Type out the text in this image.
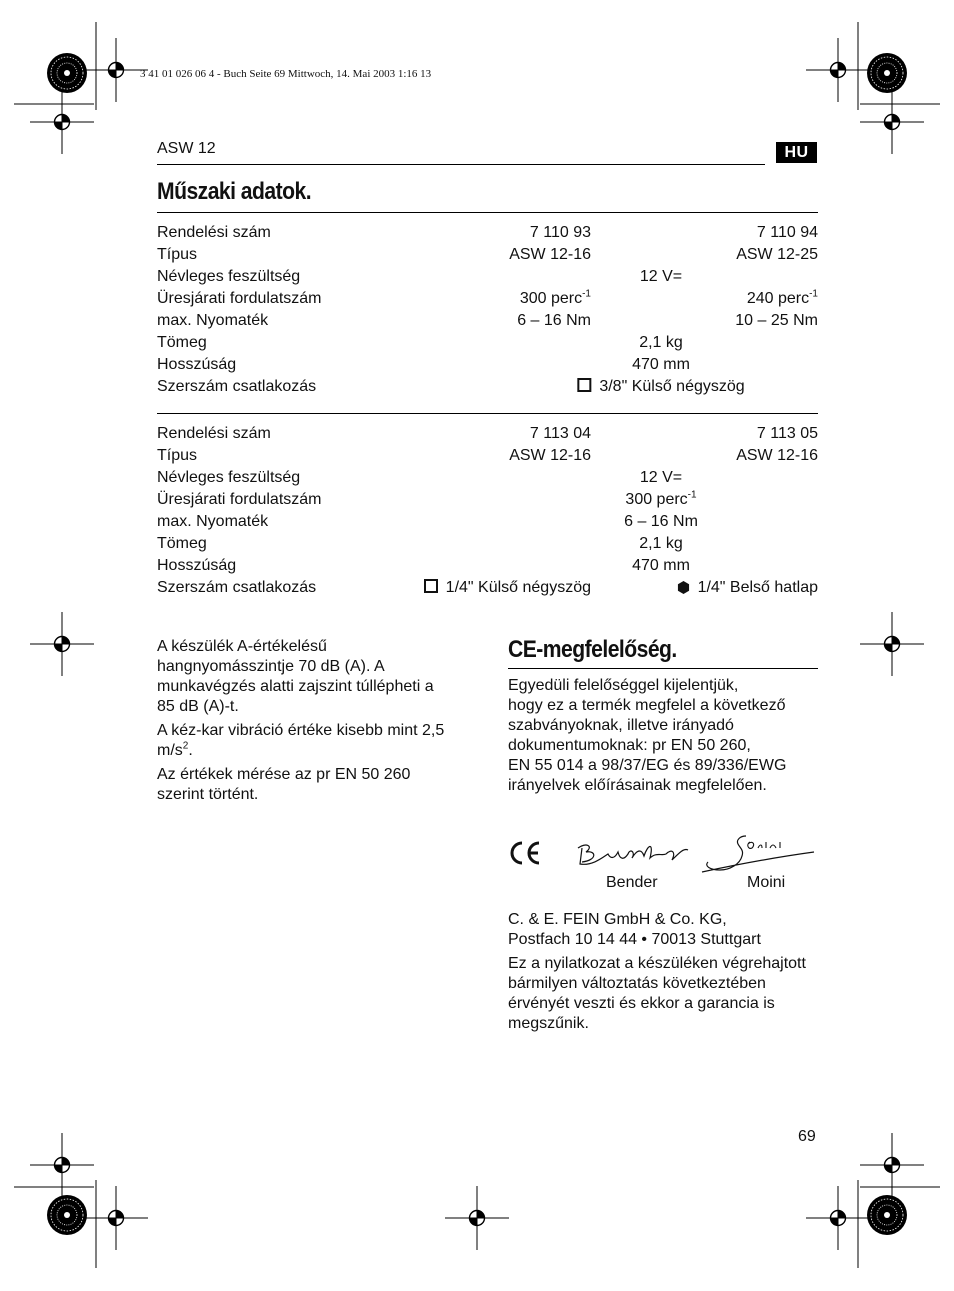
3 41 01 026 06 4 - Buch Seite 69 Mittwoch, 14. Mai 2003 1:16 13
ASW 12	HU
Műszaki adatok.
Rendelési szám	7 110 93	7 110 94
Típus	ASW 12-16	ASW 12-25
Névleges feszültség	12 V=
Üresjárati fordulatszám	300 perc$^{-1}$	240 perc$^{-1}$
max. Nyomaték	6 – 16 Nm	10 – 25 Nm
Tömeg	2,1 kg
Hosszúság	470 mm
Szerszám csatlakozás	3/8" Külső négyszög
Rendelési szám	7 113 04	7 113 05
Típus	ASW 12-16	ASW 12-16
Névleges feszültség	12 V=
Üresjárati fordulatszám	300 perc$^{-1}$
max. Nyomaték	6 – 16 Nm
Tömeg	2,1 kg
Hosszúság	470 mm
Szerszám csatlakozás	1/4" Külső négyszög	1/4" Belső hatlap

A készülék A-értékelésű hangnyomásszintje 70 dB (A). A munkavégzés alatti zajszint túllépheti a 85 dB (A)-t.

A kéz-kar vibráció értéke kisebb mint 2,5 $m/s^2$.

Az értékek mérése az pr EN 50 260 szerint történt.

CE-megfelelőség.
Egyedüli felelőséggel kijelentjük,
hogy ez a termék megfelel a következő
szabványoknak, illetve irányadó
dokumentumoknak: pr EN 50 260,
EN 55 014 a 98/37/EG és 89/336/EWG
irányelvek előírásainak megfelelően.
Bender	Moini
C. & E. FEIN GmbH & Co. KG,
Postfach 10 14 44 • 70013 Stuttgart
Ez a nyilatkozat a készüléken végrehajtott
bármilyen változtatás következtében
érvényét veszti és ekkor a garancia is
megszűnik.
69
